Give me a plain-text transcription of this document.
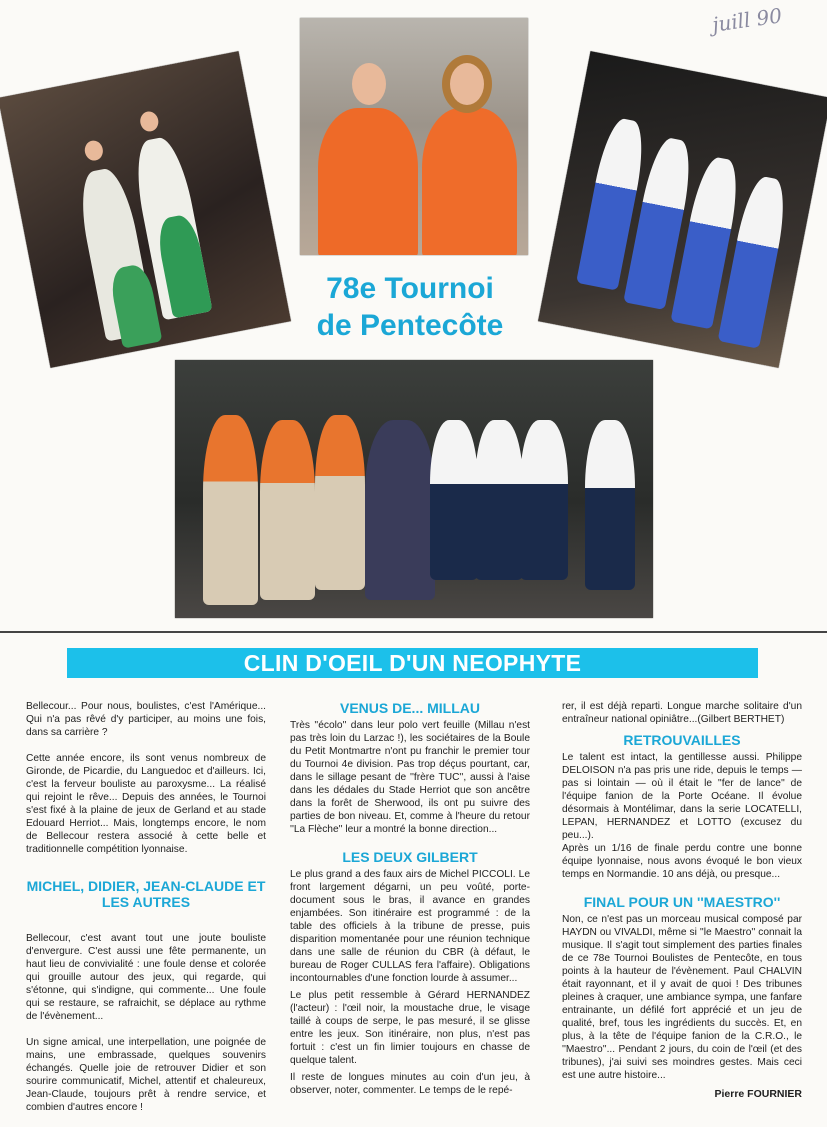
juill 90
78e Tournoi
de Pentecôte
CLIN D'OEIL D'UN NEOPHYTE

Bellecour... Pour nous, boulistes, c'est l'Amérique... Qui n'a pas rêvé d'y participer, au moins une fois, dans sa carrière ?

Cette année encore, ils sont venus nombreux de Gironde, de Picardie, du Languedoc et d'ailleurs. Ici, c'est la ferveur bouliste au paroxysme... La réalisé qui rejoint le rêve... Depuis des années, le Tournoi s'est fixé à la plaine de jeux de Gerland et au stade Edouard Herriot... Mais, longtemps encore, le nom de Bellecour restera associé à cette belle et traditionnelle compétition lyonnaise.

MICHEL, DIDIER, JEAN-CLAUDE ET LES AUTRES

Bellecour, c'est avant tout une joute bouliste d'envergure. C'est aussi une fête permanente, un haut lieu de convivialité : une foule dense et colorée qui grouille autour des jeux, qui regarde, qui s'étonne, qui s'indigne, qui commente... Une foule qui se restaure, se rafraichit, se déplace au rythme de l'évènement...

Un signe amical, une interpellation, une poignée de mains, une embrassade, quelques souvenirs échangés. Quelle joie de retrouver Didier et son sourire communicatif, Michel, attentif et chaleureux, Jean-Claude, toujours prêt à rendre service, et combien d'autres encore !

VENUS DE... MILLAU

Très ''écolo'' dans leur polo vert feuille (Millau n'est pas très loin du Larzac !), les sociétaires de la Boule du Petit Montmartre n'ont pu franchir le premier tour du Tournoi 4e division. Pas trop déçus pourtant, car, dans le sillage pesant de ''frère TUC'', aussi à l'aise dans les dédales du Stade Herriot que son ancêtre dans la forêt de Sherwood, ils ont pu suivre des parties de bon niveau. Et, comme à l'heure du retour ''La Flèche'' leur a montré la bonne direction...

LES DEUX GILBERT

Le plus grand a des faux airs de Michel PICCOLI. Le front largement dégarni, un peu voûté, porte-document sous le bras, il avance en grandes enjambées. Son itinéraire est programmé : de la table des officiels à la tribune de presse, puis disparition momentanée pour une réunion technique dans une salle de réunion du CBR (à défaut, le bureau de Roger CULLAS fera l'affaire). Obligations incontournables d'une fonction lourde à assumer...

Le plus petit ressemble à Gérard HERNANDEZ (l'acteur) : l'œil noir, la moustache drue, le visage taillé à coups de serpe, le pas mesuré, il se glisse entre les jeux. Son itinéraire, non plus, n'est pas fortuit : c'est un fin limier toujours en chasse de quelque talent.

Il reste de longues minutes au coin d'un jeu, à observer, noter, commenter. Le temps de le repé-

rer, il est déjà reparti. Longue marche solitaire d'un entraîneur national opiniâtre...(Gilbert BERTHET)

RETROUVAILLES

Le talent est intact, la gentillesse aussi. Philippe DELOISON n'a pas pris une ride, depuis le temps — pas si lointain — où il était le ''fer de lance'' de l'équipe fanion de la Porte Océane. Il évolue désormais à Montélimar, dans la serie LOCATELLI, LEPAN, HERNANDEZ et LOTTO (excusez du peu...).

Après un 1/16 de finale perdu contre une bonne équipe lyonnaise, nous avons évoqué le bon vieux temps en Normandie. 10 ans déjà, ou presque...

FINAL POUR UN ''MAESTRO''

Non, ce n'est pas un morceau musical composé par HAYDN ou VIVALDI, même si ''le Maestro'' connait la musique. Il s'agit tout simplement des parties finales de ce 78e Tournoi Boulistes de Pentecôte, en tous points à la hauteur de l'évènement. Paul CHALVIN était rayonnant, et il y avait de quoi ! Des tribunes pleines à craquer, une ambiance sympa, une fanfare entrainante, un défilé fort apprécié et un jeu de qualité, bref, tous les ingrédients du succès. Et, en plus, à la tête de l'équipe fanion de la C.R.O., le ''Maestro''... Pendant 2 jours, du coin de l'œil (et des tribunes), j'ai suivi ses moindres gestes. Mais ceci est une autre histoire...

Pierre FOURNIER
